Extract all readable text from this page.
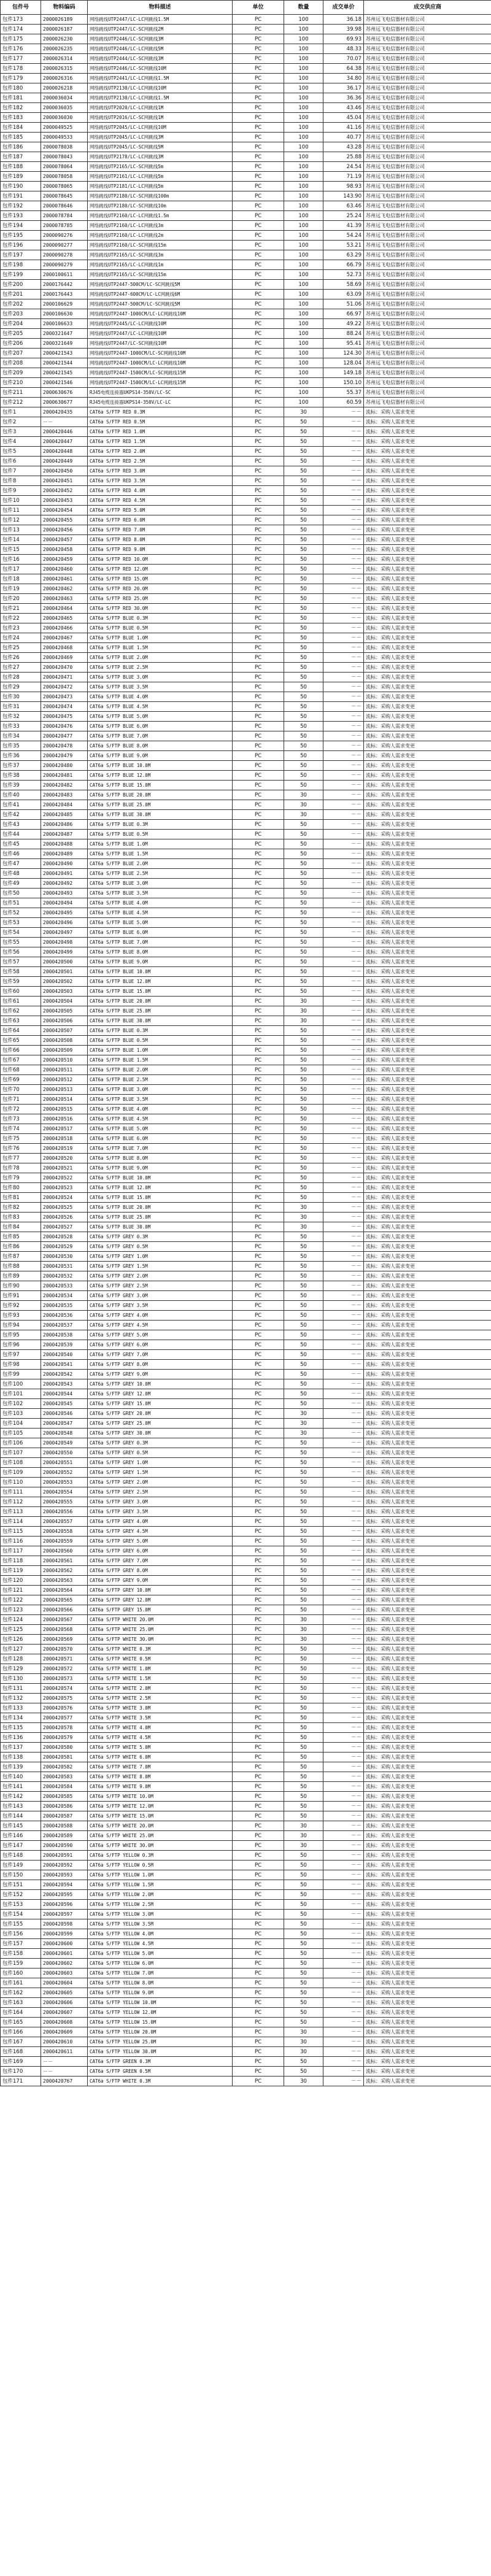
包件号	物料编码	物料描述	单位	数量	成交单价	成交供应商
包件173	2000026189	网络跳线UTP2447/LC-LC网跳线1.5M	PC	100	36.18	苏州远飞电信器材有限公司
包件174	2000026187	网络跳线UTP2447/LC-SC网跳线2M	PC	100	39.98	苏州远飞电信器材有限公司
包件175	2000026230	网络跳线UTP2446/LC-SC网跳线3M	PC	100	69.93	苏州远飞电信器材有限公司
包件176	2000026235	网络跳线UTP2446/LC-LC网跳线5M	PC	100	48.33	苏州远飞电信器材有限公司
包件177	2000026314	网络跳线UTP2444/LC-SC网跳线3M	PC	100	70.07	苏州远飞电信器材有限公司
包件178	2000026315	网络跳线UTP2446/LC-SC网跳线10M	PC	100	64.38	苏州远飞电信器材有限公司
包件179	2000026316	网络跳线UTP2441/LC-LC网跳线1.5M	PC	100	34.80	苏州远飞电信器材有限公司
包件180	2000026218	网络跳线UTP2130/LC-LC网跳线10M	PC	100	36.17	苏州远飞电信器材有限公司
包件181	2000036034	网络跳线UTP2130/LC-LC网跳线1.5M	PC	100	36.36	苏州远飞电信器材有限公司
包件182	2000036035	网络跳线UTP2020/LC-LC网跳线1M	PC	100	43.46	苏州远飞电信器材有限公司
包件183	2000036030	网络跳线UTP2016/LC-SC网跳线1M	PC	100	45.04	苏州远飞电信器材有限公司
包件184	2000049525	网络跳线UTP2045/LC-LC网跳线10M	PC	100	41.16	苏州远飞电信器材有限公司
包件185	2000049533	网络跳线UTP2045/LC-LC网跳线3M	PC	100	40.77	苏州远飞电信器材有限公司
包件186	2000078038	网络跳线UTP2045/LC-SC网跳线5M	PC	100	43.28	苏州远飞电信器材有限公司
包件187	2000078043	网络跳线UTP2178/LC-LC网跳线3M	PC	100	25.88	苏州远飞电信器材有限公司
包件188	2000078064	网络跳线UTP2165/LC-SC网跳线5m	PC	100	24.54	苏州远飞电信器材有限公司
包件189	2000078058	网络跳线UTP2161/LC-LC网跳线5m	PC	100	71.19	苏州远飞电信器材有限公司
包件190	2000078065	网络跳线UTP2181/LC-LC网跳线5m	PC	100	98.93	苏州远飞电信器材有限公司
包件191	2000078645	网络跳线UTP2180/LC-SC网跳线100m	PC	100	143.90	苏州远飞电信器材有限公司
包件192	2000078646	网络跳线UTP2180/LC-SC网跳线10m	PC	100	63.46	苏州远飞电信器材有限公司
包件193	2000078784	网络跳线UTP2160/LC-LC网跳线1.5m	PC	100	25.24	苏州远飞电信器材有限公司
包件194	2000078785	网络跳线UTP2160/LC-LC网跳线3m	PC	100	41.39	苏州远飞电信器材有限公司
包件195	2000090276	网络跳线UTP2160/LC-LC网跳线2m	PC	100	54.24	苏州远飞电信器材有限公司
包件196	2000090277	网络跳线UTP2160/LC-SC网跳线15m	PC	100	53.21	苏州远飞电信器材有限公司
包件197	2000090278	网络跳线UTP2165/LC-SC网跳线3m	PC	100	63.29	苏州远飞电信器材有限公司
包件198	2000090279	网络跳线UTP2165/LC-LC网跳线1m	PC	100	66.79	苏州远飞电信器材有限公司
包件199	2000100611	网络跳线UTP2165/LC-SC网跳线15m	PC	100	52.73	苏州远飞电信器材有限公司
包件200	2000176442	网络跳线UTP2447-500CM/LC-SC网跳线5M	PC	100	58.69	苏州远飞电信器材有限公司
包件201	2000176443	网络跳线UTP2447-600CM/LC-LC网跳线6M	PC	100	63.09	苏州远飞电信器材有限公司
包件202	2000106629	网络跳线UTP2447-500CM/LC-SC网跳线5M	PC	100	51.06	苏州远飞电信器材有限公司
包件203	2000106630	网络跳线UTP2447-1000CM/LC-LC网跳线10M	PC	100	66.97	苏州远飞电信器材有限公司
包件204	2000106633	网络跳线UTP2445/LC-LC网跳线10M	PC	100	49.22	苏州远飞电信器材有限公司
包件205	2000321647	网络跳线UTP2447/LC-LC网跳线10M	PC	100	88.24	苏州远飞电信器材有限公司
包件206	2000321649	网络跳线UTP2447/LC-SC网跳线10M	PC	100	95.41	苏州远飞电信器材有限公司
包件207	2000421543	网络跳线UTP2447-1000CM/LC-SC网跳线10M	PC	100	124.30	苏州远飞电信器材有限公司
包件208	2000421544	网络跳线UTP2447-1000CM/LC-LC网跳线10M	PC	100	128.04	苏州远飞电信器材有限公司
包件209	2000421545	网络跳线UTP2447-1500CM/LC-SC网跳线15M	PC	100	149.18	苏州远飞电信器材有限公司
包件210	2000421546	网络跳线UTP2447-1500CM/LC-LC网跳线15M	PC	100	150.10	苏州远飞电信器材有限公司
包件211	2000630676	RJ45电缆连接器UKPS14-350V/LC-SC	PC	100	55.37	苏州远飞电信器材有限公司
包件212	2000630677	RJ45电缆连接器UKPS14-350V/LC-LC	PC	100	60.59	苏州远飞电信器材有限公司
包件1	2000420435	CAT6a S/FTP RED 0.3M	PC	30	－－	流标：采购人需求变更
包件2	－－	CAT6a S/FTP RED 0.5M	PC	50	－－	流标：采购人需求变更
包件3	2000420446	CAT6a S/FTP RED 1.0M	PC	50	－－	流标：采购人需求变更
包件4	2000420447	CAT6a S/FTP RED 1.5M	PC	50	－－	流标：采购人需求变更
包件5	2000420448	CAT6a S/FTP RED 2.0M	PC	50	－－	流标：采购人需求变更
包件6	2000420449	CAT6a S/FTP RED 2.5M	PC	50	－－	流标：采购人需求变更
包件7	2000420450	CAT6a S/FTP RED 3.0M	PC	50	－－	流标：采购人需求变更
包件8	2000420451	CAT6a S/FTP RED 3.5M	PC	50	－－	流标：采购人需求变更
包件9	2000420452	CAT6a S/FTP RED 4.0M	PC	50	－－	流标：采购人需求变更
包件10	2000420453	CAT6a S/FTP RED 4.5M	PC	50	－－	流标：采购人需求变更
包件11	2000420454	CAT6a S/FTP RED 5.0M	PC	50	－－	流标：采购人需求变更
包件12	2000420455	CAT6a S/FTP RED 6.0M	PC	50	－－	流标：采购人需求变更
包件13	2000420456	CAT6a S/FTP RED 7.0M	PC	50	－－	流标：采购人需求变更
包件14	2000420457	CAT6a S/FTP RED 8.0M	PC	50	－－	流标：采购人需求变更
包件15	2000420458	CAT6a S/FTP RED 9.0M	PC	50	－－	流标：采购人需求变更
包件16	2000420459	CAT6a S/FTP RED 10.0M	PC	50	－－	流标：采购人需求变更
包件17	2000420460	CAT6a S/FTP RED 12.0M	PC	50	－－	流标：采购人需求变更
包件18	2000420461	CAT6a S/FTP RED 15.0M	PC	50	－－	流标：采购人需求变更
包件19	2000420462	CAT6a S/FTP RED 20.0M	PC	50	－－	流标：采购人需求变更
包件20	2000420463	CAT6a S/FTP RED 25.0M	PC	50	－－	流标：采购人需求变更
包件21	2000420464	CAT6a S/FTP RED 30.0M	PC	50	－－	流标：采购人需求变更
包件22	2000420465	CAT6a S/FTP BLUE 0.3M	PC	50	－－	流标：采购人需求变更
包件23	2000420466	CAT6a S/FTP BLUE 0.5M	PC	50	－－	流标：采购人需求变更
包件24	2000420467	CAT6a S/FTP BLUE 1.0M	PC	50	－－	流标：采购人需求变更
包件25	2000420468	CAT6a S/FTP BLUE 1.5M	PC	50	－－	流标：采购人需求变更
包件26	2000420469	CAT6a S/FTP BLUE 2.0M	PC	50	－－	流标：采购人需求变更
包件27	2000420470	CAT6a S/FTP BLUE 2.5M	PC	50	－－	流标：采购人需求变更
包件28	2000420471	CAT6a S/FTP BLUE 3.0M	PC	50	－－	流标：采购人需求变更
包件29	2000420472	CAT6a S/FTP BLUE 3.5M	PC	50	－－	流标：采购人需求变更
包件30	2000420473	CAT6a S/FTP BLUE 4.0M	PC	50	－－	流标：采购人需求变更
包件31	2000420474	CAT6a S/FTP BLUE 4.5M	PC	50	－－	流标：采购人需求变更
包件32	2000420475	CAT6a S/FTP BLUE 5.0M	PC	50	－－	流标：采购人需求变更
包件33	2000420476	CAT6a S/FTP BLUE 6.0M	PC	50	－－	流标：采购人需求变更
包件34	2000420477	CAT6a S/FTP BLUE 7.0M	PC	50	－－	流标：采购人需求变更
包件35	2000420478	CAT6a S/FTP BLUE 8.0M	PC	50	－－	流标：采购人需求变更
包件36	2000420479	CAT6a S/FTP BLUE 9.0M	PC	50	－－	流标：采购人需求变更
包件37	2000420480	CAT6a S/FTP BLUE 10.0M	PC	50	－－	流标：采购人需求变更
包件38	2000420481	CAT6a S/FTP BLUE 12.0M	PC	50	－－	流标：采购人需求变更
包件39	2000420482	CAT6a S/FTP BLUE 15.0M	PC	50	－－	流标：采购人需求变更
包件40	2000420483	CAT6a S/FTP BLUE 20.0M	PC	30	－－	流标：采购人需求变更
包件41	2000420484	CAT6a S/FTP BLUE 25.0M	PC	30	－－	流标：采购人需求变更
包件42	2000420485	CAT6a S/FTP BLUE 30.0M	PC	30	－－	流标：采购人需求变更
包件43	2000420486	CAT6a S/FTP BLUE 0.3M	PC	50	－－	流标：采购人需求变更
包件44	2000420487	CAT6a S/FTP BLUE 0.5M	PC	50	－－	流标：采购人需求变更
包件45	2000420488	CAT6a S/FTP BLUE 1.0M	PC	50	－－	流标：采购人需求变更
包件46	2000420489	CAT6a S/FTP BLUE 1.5M	PC	50	－－	流标：采购人需求变更
包件47	2000420490	CAT6a S/FTP BLUE 2.0M	PC	50	－－	流标：采购人需求变更
包件48	2000420491	CAT6a S/FTP BLUE 2.5M	PC	50	－－	流标：采购人需求变更
包件49	2000420492	CAT6a S/FTP BLUE 3.0M	PC	50	－－	流标：采购人需求变更
包件50	2000420493	CAT6a S/FTP BLUE 3.5M	PC	50	－－	流标：采购人需求变更
包件51	2000420494	CAT6a S/FTP BLUE 4.0M	PC	50	－－	流标：采购人需求变更
包件52	2000420495	CAT6a S/FTP BLUE 4.5M	PC	50	－－	流标：采购人需求变更
包件53	2000420496	CAT6a S/FTP BLUE 5.0M	PC	50	－－	流标：采购人需求变更
包件54	2000420497	CAT6a S/FTP BLUE 6.0M	PC	50	－－	流标：采购人需求变更
包件55	2000420498	CAT6a S/FTP BLUE 7.0M	PC	50	－－	流标：采购人需求变更
包件56	2000420499	CAT6a S/FTP BLUE 8.0M	PC	50	－－	流标：采购人需求变更
包件57	2000420500	CAT6a S/FTP BLUE 9.0M	PC	50	－－	流标：采购人需求变更
包件58	2000420501	CAT6a S/FTP BLUE 10.0M	PC	50	－－	流标：采购人需求变更
包件59	2000420502	CAT6a S/FTP BLUE 12.0M	PC	50	－－	流标：采购人需求变更
包件60	2000420503	CAT6a S/FTP BLUE 15.0M	PC	50	－－	流标：采购人需求变更
包件61	2000420504	CAT6a S/FTP BLUE 20.0M	PC	30	－－	流标：采购人需求变更
包件62	2000420505	CAT6a S/FTP BLUE 25.0M	PC	30	－－	流标：采购人需求变更
包件63	2000420506	CAT6a S/FTP BLUE 30.0M	PC	30	－－	流标：采购人需求变更
包件64	2000420507	CAT6a S/FTP BLUE 0.3M	PC	50	－－	流标：采购人需求变更
包件65	2000420508	CAT6a S/FTP BLUE 0.5M	PC	50	－－	流标：采购人需求变更
包件66	2000420509	CAT6a S/FTP BLUE 1.0M	PC	50	－－	流标：采购人需求变更
包件67	2000420510	CAT6a S/FTP BLUE 1.5M	PC	50	－－	流标：采购人需求变更
包件68	2000420511	CAT6a S/FTP BLUE 2.0M	PC	50	－－	流标：采购人需求变更
包件69	2000420512	CAT6a S/FTP BLUE 2.5M	PC	50	－－	流标：采购人需求变更
包件70	2000420513	CAT6a S/FTP BLUE 3.0M	PC	50	－－	流标：采购人需求变更
包件71	2000420514	CAT6a S/FTP BLUE 3.5M	PC	50	－－	流标：采购人需求变更
包件72	2000420515	CAT6a S/FTP BLUE 4.0M	PC	50	－－	流标：采购人需求变更
包件73	2000420516	CAT6a S/FTP BLUE 4.5M	PC	50	－－	流标：采购人需求变更
包件74	2000420517	CAT6a S/FTP BLUE 5.0M	PC	50	－－	流标：采购人需求变更
包件75	2000420518	CAT6a S/FTP BLUE 6.0M	PC	50	－－	流标：采购人需求变更
包件76	2000420519	CAT6a S/FTP BLUE 7.0M	PC	50	－－	流标：采购人需求变更
包件77	2000420520	CAT6a S/FTP BLUE 8.0M	PC	50	－－	流标：采购人需求变更
包件78	2000420521	CAT6a S/FTP BLUE 9.0M	PC	50	－－	流标：采购人需求变更
包件79	2000420522	CAT6a S/FTP BLUE 10.0M	PC	50	－－	流标：采购人需求变更
包件80	2000420523	CAT6a S/FTP BLUE 12.0M	PC	50	－－	流标：采购人需求变更
包件81	2000420524	CAT6a S/FTP BLUE 15.0M	PC	50	－－	流标：采购人需求变更
包件82	2000420525	CAT6a S/FTP BLUE 20.0M	PC	30	－－	流标：采购人需求变更
包件83	2000420526	CAT6a S/FTP BLUE 25.0M	PC	30	－－	流标：采购人需求变更
包件84	2000420527	CAT6a S/FTP BLUE 30.0M	PC	30	－－	流标：采购人需求变更
包件85	2000420528	CAT6a S/FTP GREY 0.3M	PC	50	－－	流标：采购人需求变更
包件86	2000420529	CAT6a S/FTP GREY 0.5M	PC	50	－－	流标：采购人需求变更
包件87	2000420530	CAT6a S/FTP GREY 1.0M	PC	50	－－	流标：采购人需求变更
包件88	2000420531	CAT6a S/FTP GREY 1.5M	PC	50	－－	流标：采购人需求变更
包件89	2000420532	CAT6a S/FTP GREY 2.0M	PC	50	－－	流标：采购人需求变更
包件90	2000420533	CAT6a S/FTP GREY 2.5M	PC	50	－－	流标：采购人需求变更
包件91	2000420534	CAT6a S/FTP GREY 3.0M	PC	50	－－	流标：采购人需求变更
包件92	2000420535	CAT6a S/FTP GREY 3.5M	PC	50	－－	流标：采购人需求变更
包件93	2000420536	CAT6a S/FTP GREY 4.0M	PC	50	－－	流标：采购人需求变更
包件94	2000420537	CAT6a S/FTP GREY 4.5M	PC	50	－－	流标：采购人需求变更
包件95	2000420538	CAT6a S/FTP GREY 5.0M	PC	50	－－	流标：采购人需求变更
包件96	2000420539	CAT6a S/FTP GREY 6.0M	PC	50	－－	流标：采购人需求变更
包件97	2000420540	CAT6a S/FTP GREY 7.0M	PC	50	－－	流标：采购人需求变更
包件98	2000420541	CAT6a S/FTP GREY 8.0M	PC	50	－－	流标：采购人需求变更
包件99	2000420542	CAT6a S/FTP GREY 9.0M	PC	50	－－	流标：采购人需求变更
包件100	2000420543	CAT6a S/FTP GREY 10.0M	PC	50	－－	流标：采购人需求变更
包件101	2000420544	CAT6a S/FTP GREY 12.0M	PC	50	－－	流标：采购人需求变更
包件102	2000420545	CAT6a S/FTP GREY 15.0M	PC	50	－－	流标：采购人需求变更
包件103	2000420546	CAT6a S/FTP GREY 20.0M	PC	30	－－	流标：采购人需求变更
包件104	2000420547	CAT6a S/FTP GREY 25.0M	PC	30	－－	流标：采购人需求变更
包件105	2000420548	CAT6a S/FTP GREY 30.0M	PC	30	－－	流标：采购人需求变更
包件106	2000420549	CAT6a S/FTP GREY 0.3M	PC	50	－－	流标：采购人需求变更
包件107	2000420550	CAT6a S/FTP GREY 0.5M	PC	50	－－	流标：采购人需求变更
包件108	2000420551	CAT6a S/FTP GREY 1.0M	PC	50	－－	流标：采购人需求变更
包件109	2000420552	CAT6a S/FTP GREY 1.5M	PC	50	－－	流标：采购人需求变更
包件110	2000420553	CAT6a S/FTP GREY 2.0M	PC	50	－－	流标：采购人需求变更
包件111	2000420554	CAT6a S/FTP GREY 2.5M	PC	50	－－	流标：采购人需求变更
包件112	2000420555	CAT6a S/FTP GREY 3.0M	PC	50	－－	流标：采购人需求变更
包件113	2000420556	CAT6a S/FTP GREY 3.5M	PC	50	－－	流标：采购人需求变更
包件114	2000420557	CAT6a S/FTP GREY 4.0M	PC	50	－－	流标：采购人需求变更
包件115	2000420558	CAT6a S/FTP GREY 4.5M	PC	50	－－	流标：采购人需求变更
包件116	2000420559	CAT6a S/FTP GREY 5.0M	PC	50	－－	流标：采购人需求变更
包件117	2000420560	CAT6a S/FTP GREY 6.0M	PC	50	－－	流标：采购人需求变更
包件118	2000420561	CAT6a S/FTP GREY 7.0M	PC	50	－－	流标：采购人需求变更
包件119	2000420562	CAT6a S/FTP GREY 8.0M	PC	50	－－	流标：采购人需求变更
包件120	2000420563	CAT6a S/FTP GREY 9.0M	PC	50	－－	流标：采购人需求变更
包件121	2000420564	CAT6a S/FTP GREY 10.0M	PC	50	－－	流标：采购人需求变更
包件122	2000420565	CAT6a S/FTP GREY 12.0M	PC	50	－－	流标：采购人需求变更
包件123	2000420566	CAT6a S/FTP GREY 15.0M	PC	50	－－	流标：采购人需求变更
包件124	2000420567	CAT6a S/FTP WHITE 20.0M	PC	30	－－	流标：采购人需求变更
包件125	2000420568	CAT6a S/FTP WHITE 25.0M	PC	30	－－	流标：采购人需求变更
包件126	2000420569	CAT6a S/FTP WHITE 30.0M	PC	30	－－	流标：采购人需求变更
包件127	2000420570	CAT6a S/FTP WHITE 0.3M	PC	50	－－	流标：采购人需求变更
包件128	2000420571	CAT6a S/FTP WHITE 0.5M	PC	50	－－	流标：采购人需求变更
包件129	2000420572	CAT6a S/FTP WHITE 1.0M	PC	50	－－	流标：采购人需求变更
包件130	2000420573	CAT6a S/FTP WHITE 1.5M	PC	50	－－	流标：采购人需求变更
包件131	2000420574	CAT6a S/FTP WHITE 2.0M	PC	50	－－	流标：采购人需求变更
包件132	2000420575	CAT6a S/FTP WHITE 2.5M	PC	50	－－	流标：采购人需求变更
包件133	2000420576	CAT6a S/FTP WHITE 3.0M	PC	50	－－	流标：采购人需求变更
包件134	2000420577	CAT6a S/FTP WHITE 3.5M	PC	50	－－	流标：采购人需求变更
包件135	2000420578	CAT6a S/FTP WHITE 4.0M	PC	50	－－	流标：采购人需求变更
包件136	2000420579	CAT6a S/FTP WHITE 4.5M	PC	50	－－	流标：采购人需求变更
包件137	2000420580	CAT6a S/FTP WHITE 5.0M	PC	50	－－	流标：采购人需求变更
包件138	2000420581	CAT6a S/FTP WHITE 6.0M	PC	50	－－	流标：采购人需求变更
包件139	2000420582	CAT6a S/FTP WHITE 7.0M	PC	50	－－	流标：采购人需求变更
包件140	2000420583	CAT6a S/FTP WHITE 8.0M	PC	50	－－	流标：采购人需求变更
包件141	2000420584	CAT6a S/FTP WHITE 9.0M	PC	50	－－	流标：采购人需求变更
包件142	2000420585	CAT6a S/FTP WHITE 10.0M	PC	50	－－	流标：采购人需求变更
包件143	2000420586	CAT6a S/FTP WHITE 12.0M	PC	50	－－	流标：采购人需求变更
包件144	2000420587	CAT6a S/FTP WHITE 15.0M	PC	50	－－	流标：采购人需求变更
包件145	2000420588	CAT6a S/FTP WHITE 20.0M	PC	30	－－	流标：采购人需求变更
包件146	2000420589	CAT6a S/FTP WHITE 25.0M	PC	30	－－	流标：采购人需求变更
包件147	2000420590	CAT6a S/FTP WHITE 30.0M	PC	30	－－	流标：采购人需求变更
包件148	2000420591	CAT6a S/FTP YELLOW 0.3M	PC	50	－－	流标：采购人需求变更
包件149	2000420592	CAT6a S/FTP YELLOW 0.5M	PC	50	－－	流标：采购人需求变更
包件150	2000420593	CAT6a S/FTP YELLOW 1.0M	PC	50	－－	流标：采购人需求变更
包件151	2000420594	CAT6a S/FTP YELLOW 1.5M	PC	50	－－	流标：采购人需求变更
包件152	2000420595	CAT6a S/FTP YELLOW 2.0M	PC	50	－－	流标：采购人需求变更
包件153	2000420596	CAT6a S/FTP YELLOW 2.5M	PC	50	－－	流标：采购人需求变更
包件154	2000420597	CAT6a S/FTP YELLOW 3.0M	PC	50	－－	流标：采购人需求变更
包件155	2000420598	CAT6a S/FTP YELLOW 3.5M	PC	50	－－	流标：采购人需求变更
包件156	2000420599	CAT6a S/FTP YELLOW 4.0M	PC	50	－－	流标：采购人需求变更
包件157	2000420600	CAT6a S/FTP YELLOW 4.5M	PC	50	－－	流标：采购人需求变更
包件158	2000420601	CAT6a S/FTP YELLOW 5.0M	PC	50	－－	流标：采购人需求变更
包件159	2000420602	CAT6a S/FTP YELLOW 6.0M	PC	50	－－	流标：采购人需求变更
包件160	2000420603	CAT6a S/FTP YELLOW 7.0M	PC	50	－－	流标：采购人需求变更
包件161	2000420604	CAT6a S/FTP YELLOW 8.0M	PC	50	－－	流标：采购人需求变更
包件162	2000420605	CAT6a S/FTP YELLOW 9.0M	PC	50	－－	流标：采购人需求变更
包件163	2000420606	CAT6a S/FTP YELLOW 10.0M	PC	50	－－	流标：采购人需求变更
包件164	2000420607	CAT6a S/FTP YELLOW 12.0M	PC	50	－－	流标：采购人需求变更
包件165	2000420608	CAT6a S/FTP YELLOW 15.0M	PC	50	－－	流标：采购人需求变更
包件166	2000420609	CAT6a S/FTP YELLOW 20.0M	PC	30	－－	流标：采购人需求变更
包件167	2000420610	CAT6a S/FTP YELLOW 25.0M	PC	30	－－	流标：采购人需求变更
包件168	2000420611	CAT6a S/FTP YELLOW 30.0M	PC	30	－－	流标：采购人需求变更
包件169	－－	CAT6a S/FTP GREEN 0.3M	PC	50	－－	流标：采购人需求变更
包件170	－－	CAT6a S/FTP GREEN 0.5M	PC	50	－－	流标：采购人需求变更
包件171	2000420767	CAT6a S/FTP WHITE 0.3M	PC	30	－－	流标：采购人需求变更
